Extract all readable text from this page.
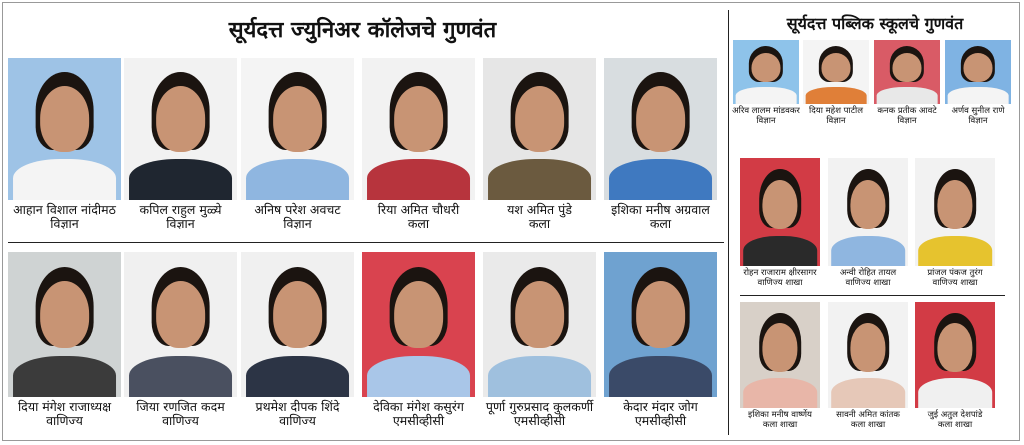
सूर्यदत्त ज्युनिअर कॉलेजचे गुणवंत	सूर्यदत्त पब्लिक स्कूलचे गुणवंत
आहान विशाल नांदीमठ
विज्ञान
कपिल राहुल मुळ्ये
विज्ञान
अनिष परेश अवचट
विज्ञान
रिया अमित चौधरी
कला
यश अमित पुंडे
कला
इशिका मनीष अग्रवाल
कला
दिया मंगेश राजाध्यक्ष
वाणिज्य
जिया रणजित कदम
वाणिज्य
प्रथमेश दीपक शिंदे
वाणिज्य
देविका मंगेश कसुरंग
एमसीव्हीसी
पूर्णा गुरुप्रसाद कुलकर्णी
एमसीव्हीसी
केदार मंदार जोग
एमसीव्हीसी
अरिव लालम मांडवकर
विज्ञान
दिया महेश पाटील
विज्ञान
कनक प्रतीक आवटे
विज्ञान
अर्णव सुनील राणे
विज्ञान
रोहन राजाराम क्षीरसागर
वाणिज्य शाखा
अन्वी रोहित तायल
वाणिज्य शाखा
प्रांजल पंकज तुरंग
वाणिज्य शाखा
इशिका मनीष वार्ष्णेय
कला शाखा
सावनी अमित कांतक
कला शाखा
जुई अतुल देशपांडे
कला शाखा
